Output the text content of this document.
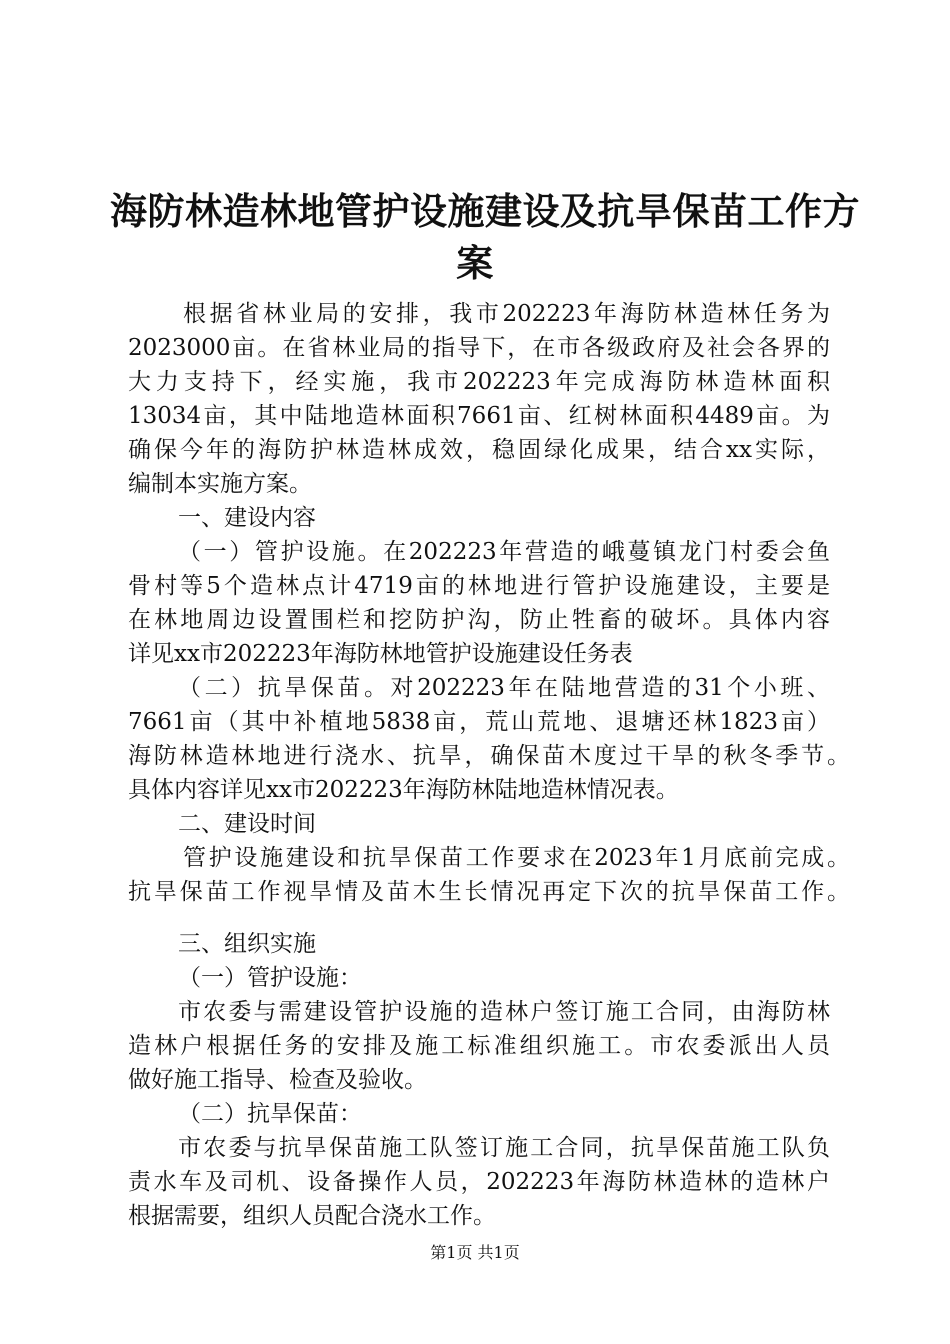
海防林造林地管护设施建设及抗旱保苗工作方
案

根据省林业局的安排，我市202223年海防林造林任务为

2023000亩。在省林业局的指导下，在市各级政府及社会各界的

大力支持下，经实施，我市202223年完成海防林造林面积

13034亩，其中陆地造林面积7661亩、红树林面积4489亩。为

确保今年的海防护林造林成效，稳固绿化成果，结合xx实际，

编制本实施方案。

一、建设内容

（一）管护设施。在202223年营造的峨蔓镇龙门村委会鱼

骨村等5个造林点计4719亩的林地进行管护设施建设，主要是

在林地周边设置围栏和挖防护沟，防止牲畜的破坏。具体内容

详见xx市202223年海防林地管护设施建设任务表

（二）抗旱保苗。对202223年在陆地营造的31个小班、

7661亩（其中补植地5838亩，荒山荒地、退塘还林1823亩）

海防林造林地进行浇水、抗旱，确保苗木度过干旱的秋冬季节。

具体内容详见xx市202223年海防林陆地造林情况表。

二、建设时间

管护设施建设和抗旱保苗工作要求在2023年1月底前完成。

抗旱保苗工作视旱情及苗木生长情况再定下次的抗旱保苗工作。

三、组织实施

（一）管护设施：

市农委与需建设管护设施的造林户签订施工合同，由海防林

造林户根据任务的安排及施工标准组织施工。市农委派出人员

做好施工指导、检查及验收。

（二）抗旱保苗：

市农委与抗旱保苗施工队签订施工合同，抗旱保苗施工队负

责水车及司机、设备操作人员，202223年海防林造林的造林户

根据需要，组织人员配合浇水工作。

第1页 共1页
